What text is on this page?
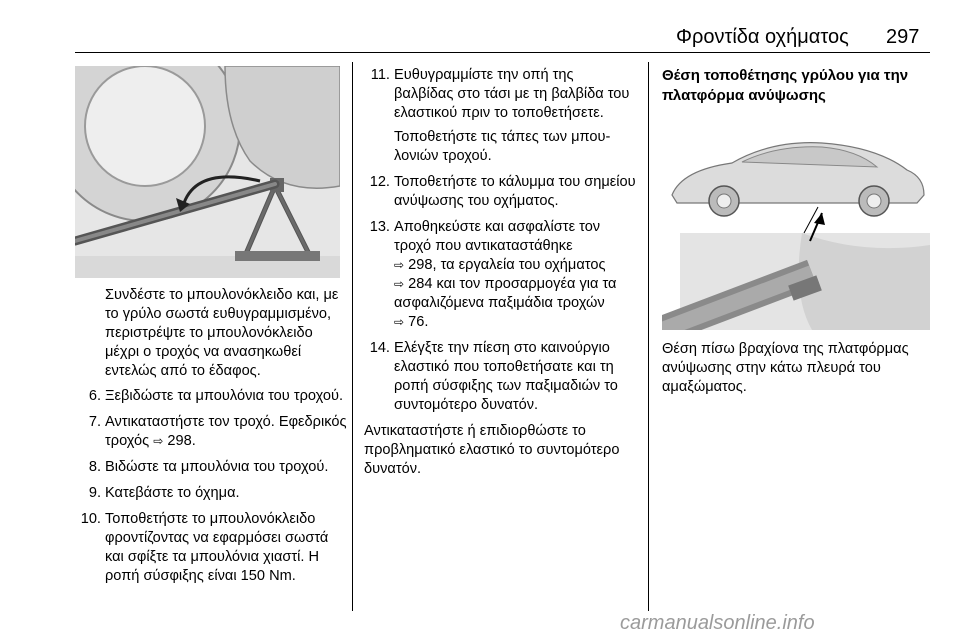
Φροντίδα οχήματος 297

Συνδέστε το μπουλονόκλειδο και, με το γρύλο σωστά ευθυγραμμισμένο, περιστρέψτε το μπουλονόκλειδο μέχρι ο τροχός να ανασηκωθεί εντελώς από το έδαφος.

6. Ξεβιδώστε τα μπουλόνια του τροχού.
7. Αντικαταστήστε τον τροχό. Εφεδρικός τροχός ⇨ 298.
8. Βιδώστε τα μπουλόνια του τροχού.
9. Κατεβάστε το όχημα.
10. Τοποθετήστε το μπουλονόκλειδο φροντίζοντας να εφαρμόσει σωστά και σφίξτε τα μπουλόνια χιαστί. Η ροπή σύσφιξης είναι 150 Nm.
11. Ευθυγραμμίστε την οπή της βαλβίδας στο τάσι με τη βαλβίδα του ελαστικού πριν το τοποθετήσετε.
Τοποθετήστε τις τάπες των μπουλονιών τροχού.
12. Τοποθετήστε το κάλυμμα του σημείου ανύψωσης του οχήματος.
13. Αποθηκεύστε και ασφαλίστε τον τροχό που αντικαταστάθηκε
⇨ 298, τα εργαλεία του οχήματος
⇨ 284 και τον προσαρμογέα για τα ασφαλιζόμενα παξιμάδια τροχών
⇨ 76.
14. Ελέγξτε την πίεση στο καινούργιο ελαστικό που τοποθετήσατε και τη ροπή σύσφιξης των παξιμαδιών το συντομότερο δυνατόν.

Αντικαταστήστε ή επιδιορθώστε το προβληματικό ελαστικό το συντομότερο δυνατόν.

Θέση τοποθέτησης γρύλου για την πλατφόρμα ανύψωσης
Θέση πίσω βραχίονα της πλατφόρμας ανύψωσης στην κάτω πλευρά του αμαξώματος.
carmanualsonline.info
